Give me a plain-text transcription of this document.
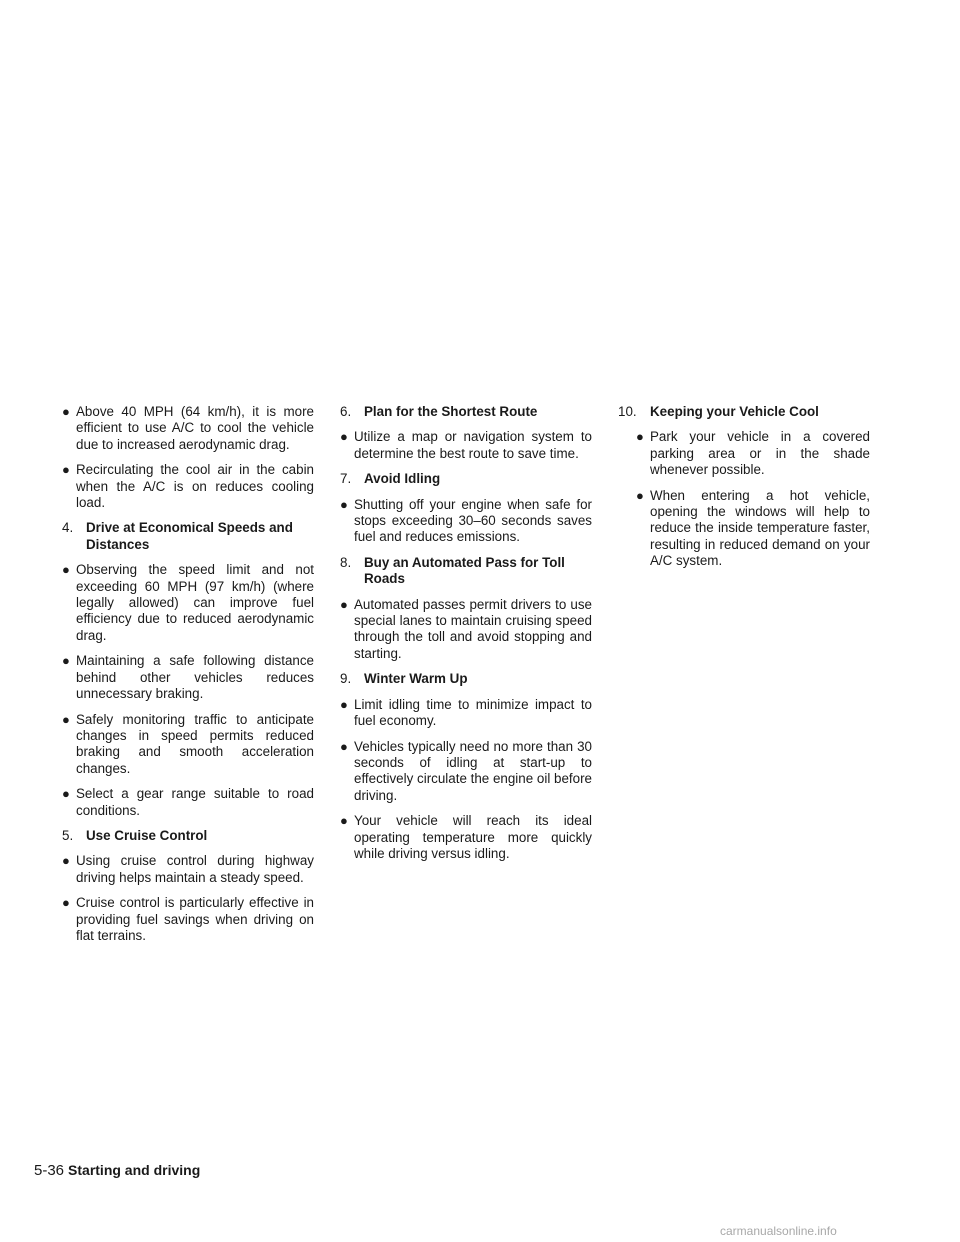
● Above 40 MPH (64 km/h), it is more efficient to use A/C to cool the vehicle due to increased aerodynamic drag.
● Recirculating the cool air in the cabin when the A/C is on reduces cooling load.
4. Drive at Economical Speeds and Distances
● Observing the speed limit and not exceeding 60 MPH (97 km/h) (where legally allowed) can improve fuel efficiency due to reduced aerodynamic drag.
● Maintaining a safe following distance behind other vehicles reduces unnecessary braking.
● Safely monitoring traffic to anticipate changes in speed permits reduced braking and smooth acceleration changes.
● Select a gear range suitable to road conditions.
5. Use Cruise Control
● Using cruise control during highway driving helps maintain a steady speed.
● Cruise control is particularly effective in providing fuel savings when driving on flat terrains.
6. Plan for the Shortest Route
● Utilize a map or navigation system to determine the best route to save time.
7. Avoid Idling
● Shutting off your engine when safe for stops exceeding 30–60 seconds saves fuel and reduces emissions.
8. Buy an Automated Pass for Toll Roads
● Automated passes permit drivers to use special lanes to maintain cruising speed through the toll and avoid stopping and starting.
9. Winter Warm Up
● Limit idling time to minimize impact to fuel economy.
● Vehicles typically need no more than 30 seconds of idling at start-up to effectively circulate the engine oil before driving.
● Your vehicle will reach its ideal operating temperature more quickly while driving versus idling.
10. Keeping your Vehicle Cool
● Park your vehicle in a covered parking area or in the shade whenever possible.
● When entering a hot vehicle, opening the windows will help to reduce the inside temperature faster, resulting in reduced demand on your A/C system.
5-36 Starting and driving
carmanualsonline.info
